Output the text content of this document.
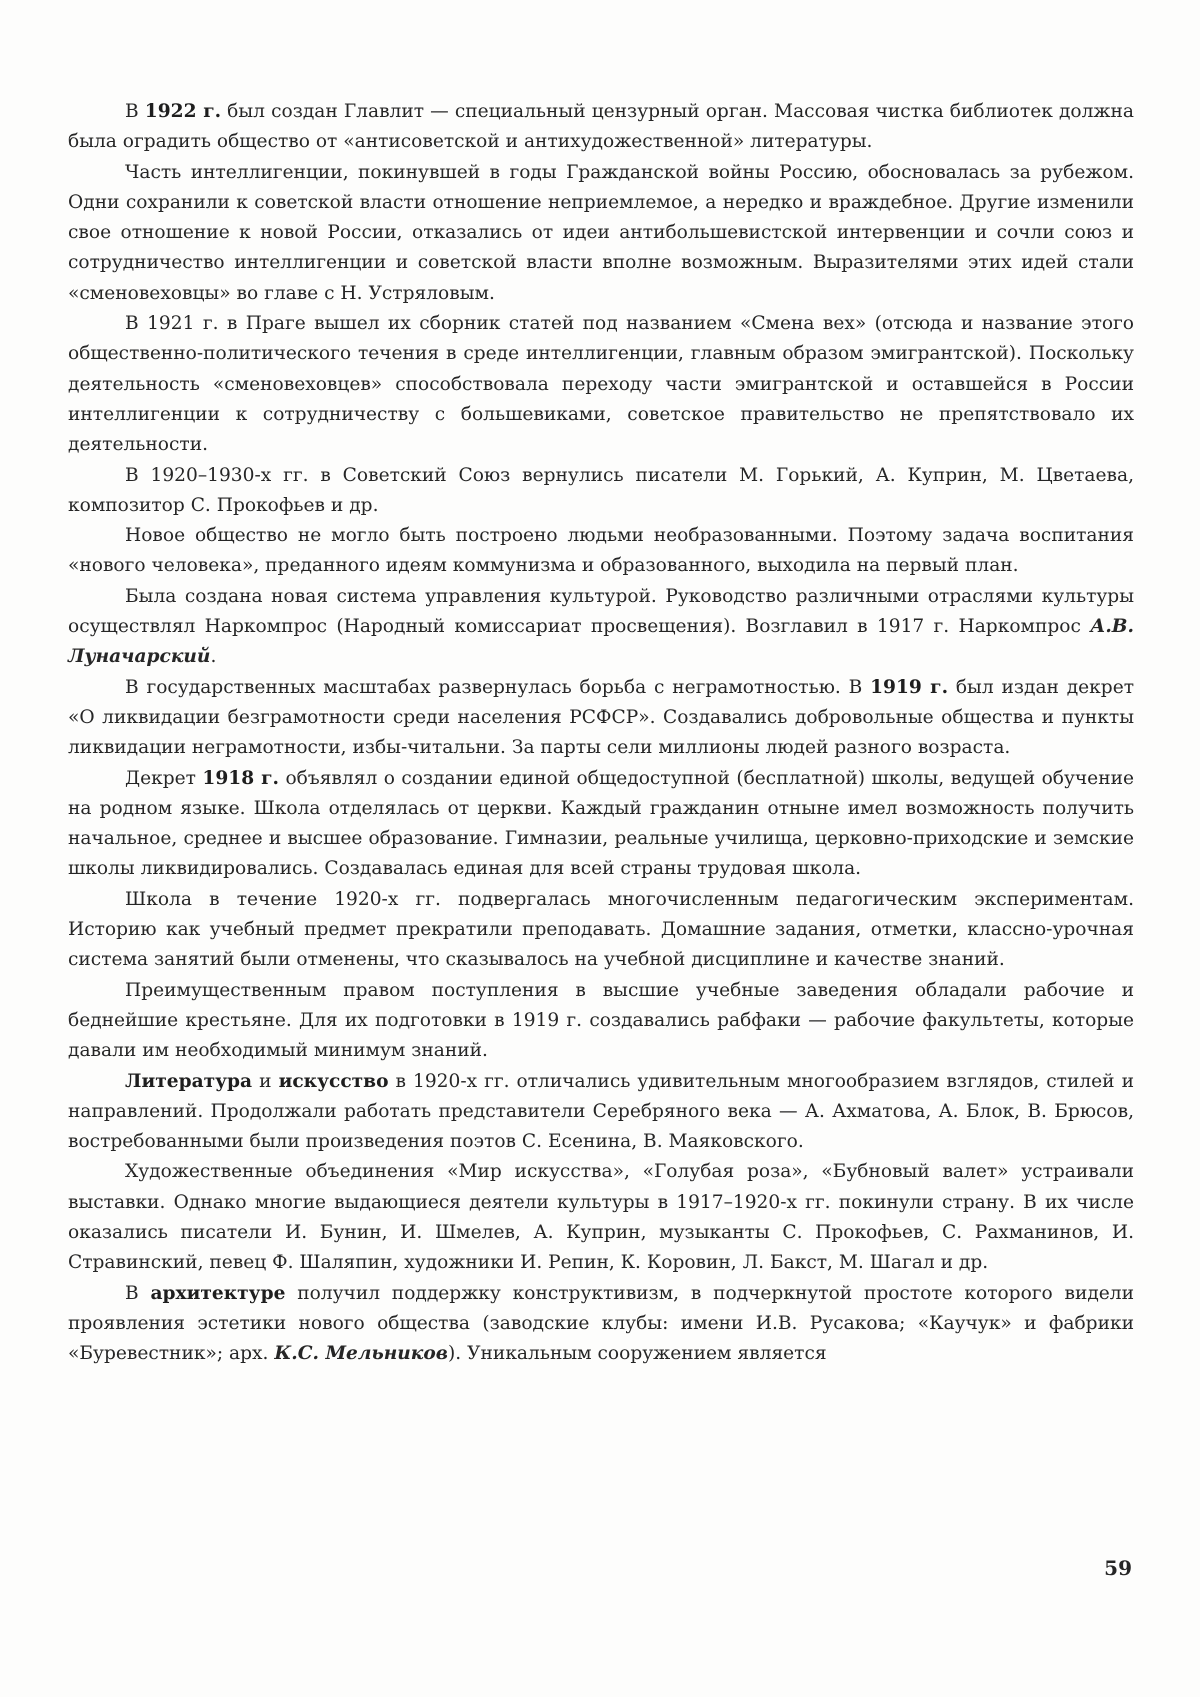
В 1922 г. был создан Главлит — специальный цензурный орган. Массовая чистка библиотек должна была оградить общество от «антисоветской и антихудожественной» литературы.

Часть интеллигенции, покинувшей в годы Гражданской войны Россию, обосновалась за рубежом. Одни сохранили к советской власти отношение неприемлемое, а нередко и враждебное. Другие изменили свое отношение к новой России, отказались от идеи антибольшевистской интервенции и сочли союз и сотрудничество интеллигенции и советской власти вполне возможным. Выразителями этих идей стали «сменовеховцы» во главе с Н. Устряловым.

В 1921 г. в Праге вышел их сборник статей под названием «Смена вех» (отсюда и название этого общественно-политического течения в среде интеллигенции, главным образом эмигрантской). Поскольку деятельность «сменовеховцев» способствовала переходу части эмигрантской и оставшейся в России интеллигенции к сотрудничеству с большевиками, советское правительство не препятствовало их деятельности.

В 1920–1930-х гг. в Советский Союз вернулись писатели М. Горький, А. Куприн, М. Цветаева, композитор С. Прокофьев и др.

Новое общество не могло быть построено людьми необразованными. Поэтому задача воспитания «нового человека», преданного идеям коммунизма и образованного, выходила на первый план.

Была создана новая система управления культурой. Руководство различными отраслями культуры осуществлял Наркомпрос (Народный комиссариат просвещения). Возглавил в 1917 г. Наркомпрос А.В. Луначарский.

В государственных масштабах развернулась борьба с неграмотностью. В 1919 г. был издан декрет «О ликвидации безграмотности среди населения РСФСР». Создавались добровольные общества и пункты ликвидации неграмотности, избы-читальни. За парты сели миллионы людей разного возраста.

Декрет 1918 г. объявлял о создании единой общедоступной (бесплатной) школы, ведущей обучение на родном языке. Школа отделялась от церкви. Каждый гражданин отныне имел возможность получить начальное, среднее и высшее образование. Гимназии, реальные училища, церковно-приходские и земские школы ликвидировались. Создавалась единая для всей страны трудовая школа.

Школа в течение 1920-х гг. подвергалась многочисленным педагогическим экспериментам. Историю как учебный предмет прекратили преподавать. Домашние задания, отметки, классно-урочная система занятий были отменены, что сказывалось на учебной дисциплине и качестве знаний.

Преимущественным правом поступления в высшие учебные заведения обладали рабочие и беднейшие крестьяне. Для их подготовки в 1919 г. создавались рабфаки — рабочие факультеты, которые давали им необходимый минимум знаний.

Литература и искусство в 1920-х гг. отличались удивительным многообразием взглядов, стилей и направлений. Продолжали работать представители Серебряного века — А. Ахматова, А. Блок, В. Брюсов, востребованными были произведения поэтов С. Есенина, В. Маяковского.

Художественные объединения «Мир искусства», «Голубая роза», «Бубновый валет» устраивали выставки. Однако многие выдающиеся деятели культуры в 1917–1920-х гг. покинули страну. В их числе оказались писатели И. Бунин, И. Шмелев, А. Куприн, музыканты С. Прокофьев, С. Рахманинов, И. Стравинский, певец Ф. Шаляпин, художники И. Репин, К. Коровин, Л. Бакст, М. Шагал и др.

В архитектуре получил поддержку конструктивизм, в подчеркнутой простоте которого видели проявления эстетики нового общества (заводские клубы: имени И.В. Русакова; «Каучук» и фабрики «Буревестник»; арх. К.С. Мельников). Уникальным сооружением является

59
